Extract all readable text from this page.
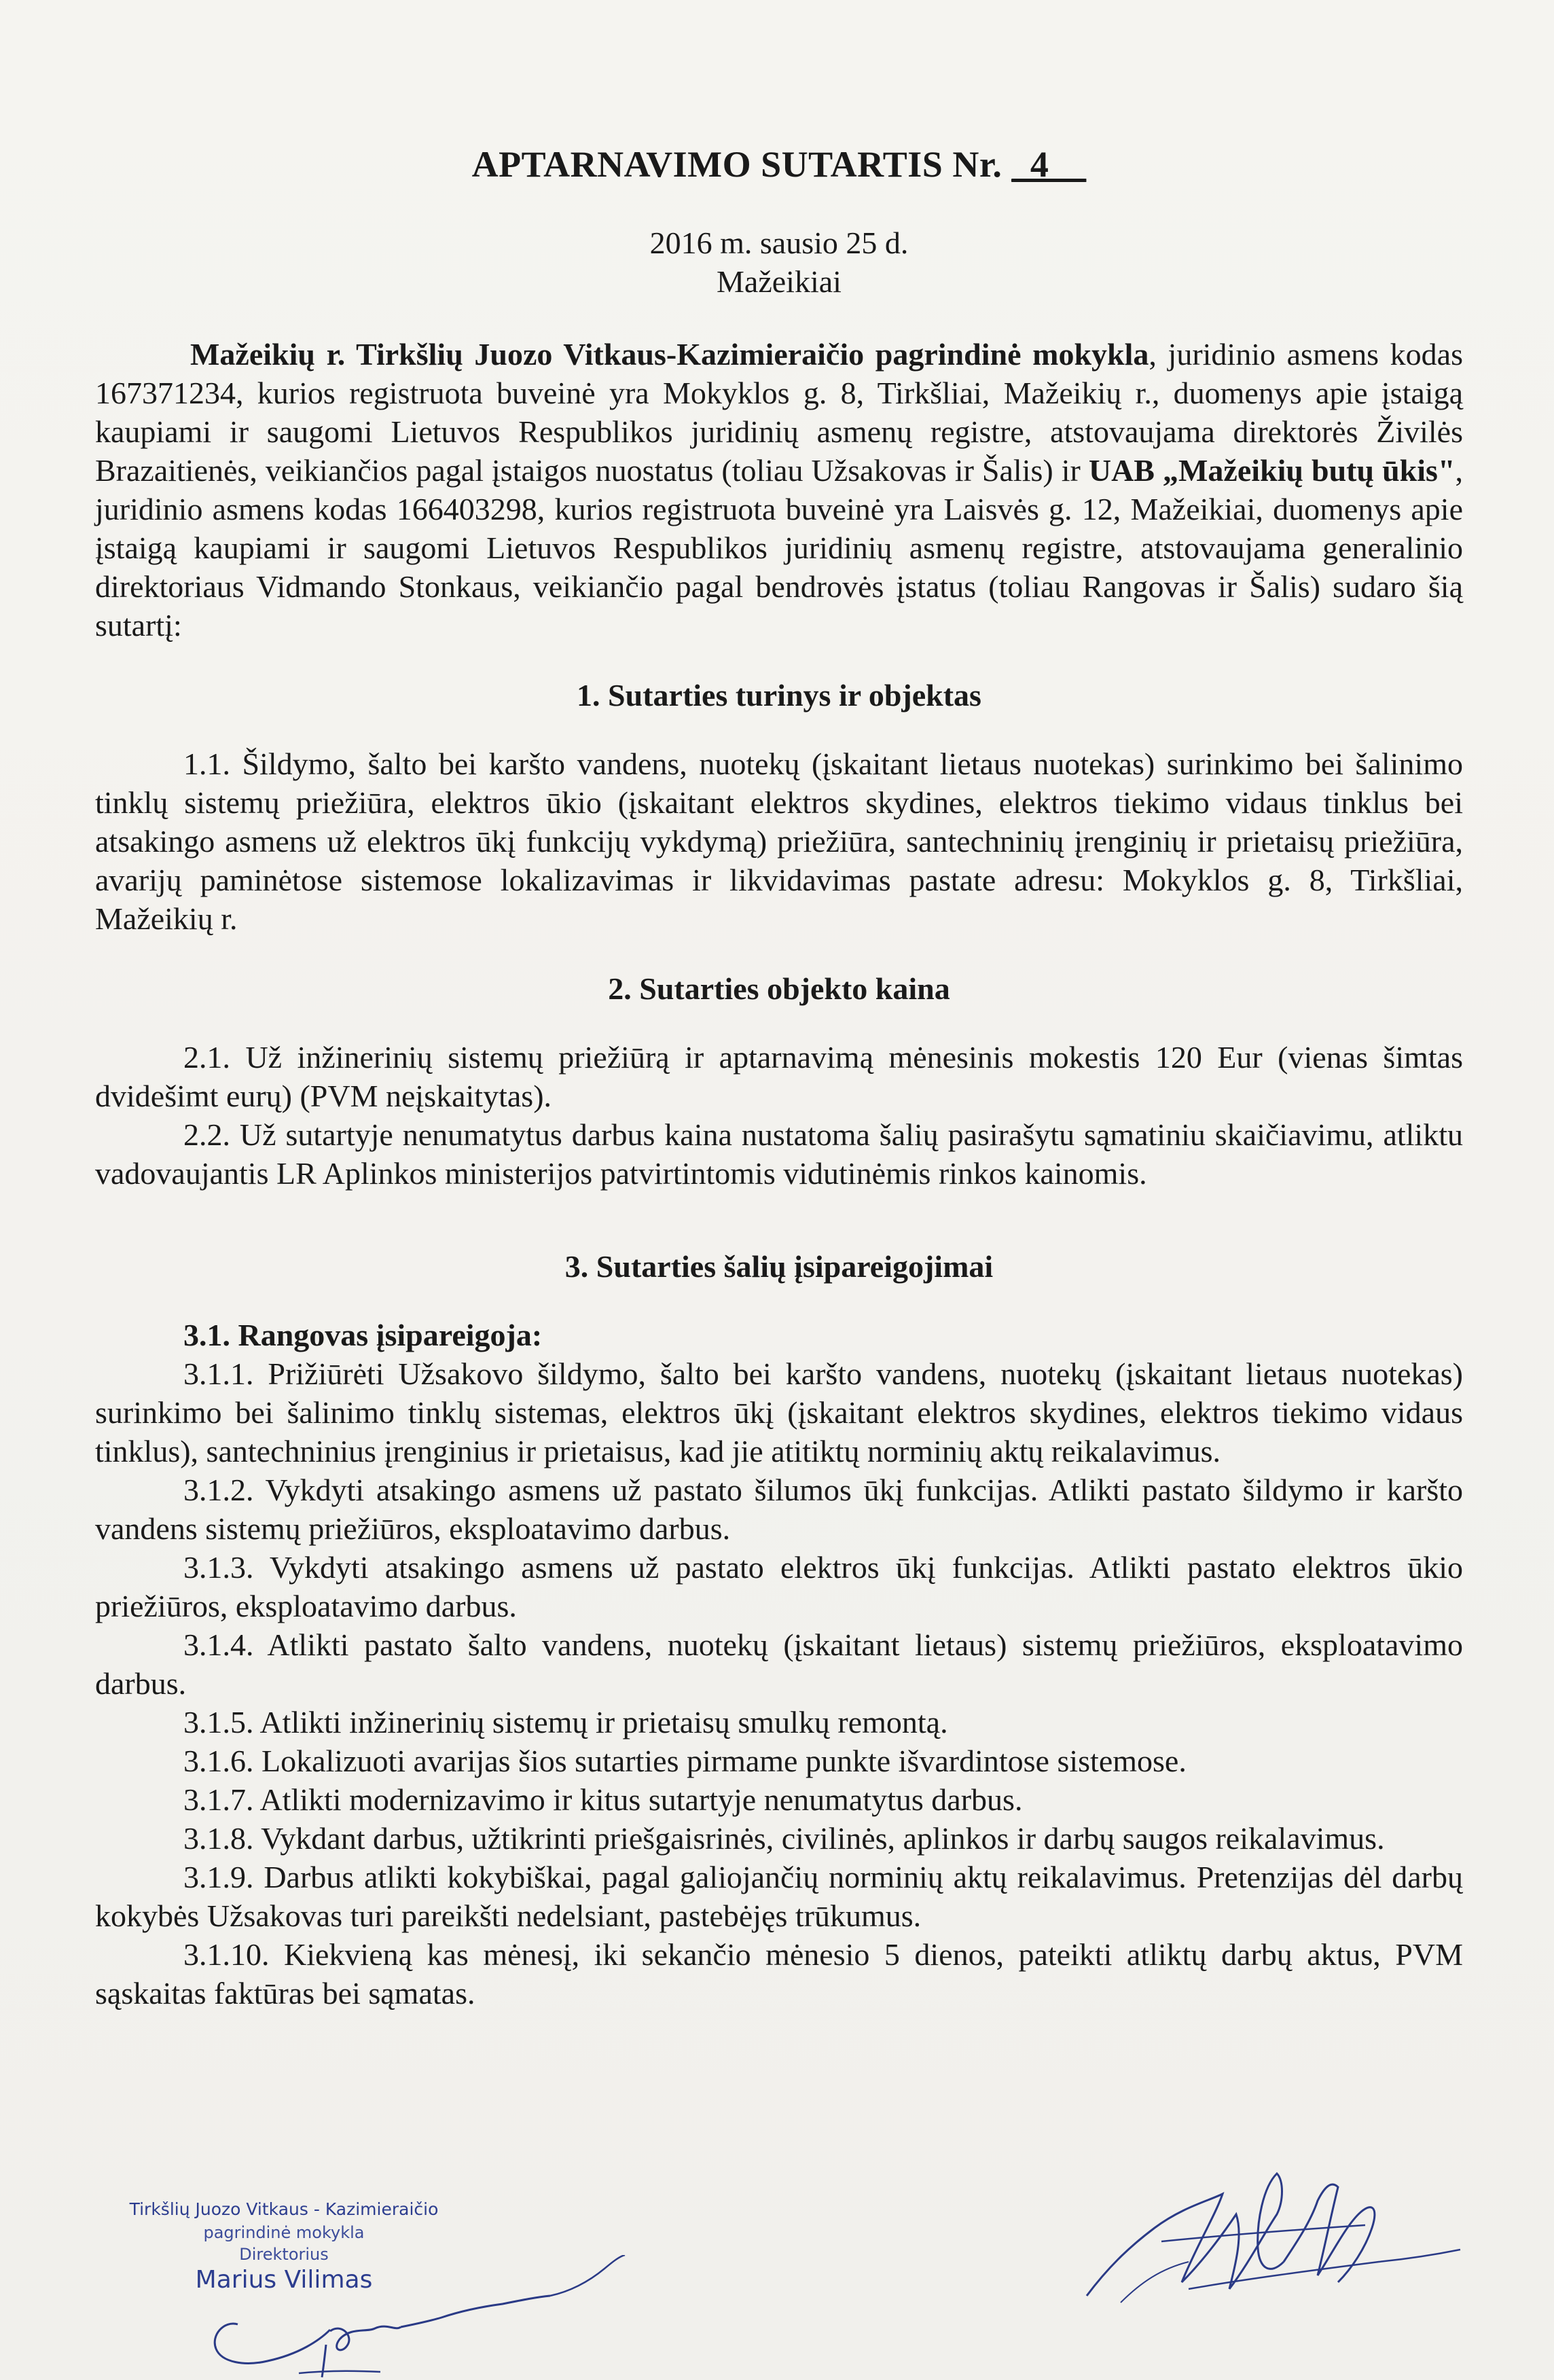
APTARNAVIMO SUTARTIS Nr. _4__
2016 m. sausio 25 d.
Mažeikiai

Mažeikių r. Tirkšlių Juozo Vitkaus-Kazimieraičio pagrindinė mokykla, juridinio asmens kodas 167371234, kurios registruota buveinė yra Mokyklos g. 8, Tirkšliai, Mažeikių r., duomenys apie įstaigą kaupiami ir saugomi Lietuvos Respublikos juridinių asmenų registre, atstovaujama direktorės Živilės Brazaitienės, veikiančios pagal įstaigos nuostatus (toliau Užsakovas ir Šalis) ir UAB „Mažeikių butų ūkis", juridinio asmens kodas 166403298, kurios registruota buveinė yra Laisvės g. 12, Mažeikiai, duomenys apie įstaigą kaupiami ir saugomi Lietuvos Respublikos juridinių asmenų registre, atstovaujama generalinio direktoriaus Vidmando Stonkaus, veikiančio pagal bendrovės įstatus (toliau Rangovas ir Šalis) sudaro šią sutartį:

1. Sutarties turinys ir objektas

1.1. Šildymo, šalto bei karšto vandens, nuotekų (įskaitant lietaus nuotekas) surinkimo bei šalinimo tinklų sistemų priežiūra, elektros ūkio (įskaitant elektros skydines, elektros tiekimo vidaus tinklus bei atsakingo asmens už elektros ūkį funkcijų vykdymą) priežiūra, santechninių įrenginių ir prietaisų priežiūra, avarijų paminėtose sistemose lokalizavimas ir likvidavimas pastate adresu: Mokyklos g. 8, Tirkšliai, Mažeikių r.

2. Sutarties objekto kaina

2.1. Už inžinerinių sistemų priežiūrą ir aptarnavimą mėnesinis mokestis 120 Eur (vienas šimtas dvidešimt eurų) (PVM neįskaitytas).

2.2. Už sutartyje nenumatytus darbus kaina nustatoma šalių pasirašytu sąmatiniu skaičiavimu, atliktu vadovaujantis LR Aplinkos ministerijos patvirtintomis vidutinėmis rinkos kainomis.

3. Sutarties šalių įsipareigojimai

3.1. Rangovas įsipareigoja:

3.1.1. Prižiūrėti Užsakovo šildymo, šalto bei karšto vandens, nuotekų (įskaitant lietaus nuotekas) surinkimo bei šalinimo tinklų sistemas, elektros ūkį (įskaitant elektros skydines, elektros tiekimo vidaus tinklus), santechninius įrenginius ir prietaisus, kad jie atitiktų norminių aktų reikalavimus.

3.1.2. Vykdyti atsakingo asmens už pastato šilumos ūkį funkcijas. Atlikti pastato šildymo ir karšto vandens sistemų priežiūros, eksploatavimo darbus.

3.1.3. Vykdyti atsakingo asmens už pastato elektros ūkį funkcijas. Atlikti pastato elektros ūkio priežiūros, eksploatavimo darbus.

3.1.4. Atlikti pastato šalto vandens, nuotekų (įskaitant lietaus) sistemų priežiūros, eksploatavimo darbus.

3.1.5. Atlikti inžinerinių sistemų ir prietaisų smulkų remontą.

3.1.6. Lokalizuoti avarijas šios sutarties pirmame punkte išvardintose sistemose.

3.1.7. Atlikti modernizavimo ir kitus sutartyje nenumatytus darbus.

3.1.8. Vykdant darbus, užtikrinti priešgaisrinės, civilinės, aplinkos ir darbų saugos reikalavimus.

3.1.9. Darbus atlikti kokybiškai, pagal galiojančių norminių aktų reikalavimus. Pretenzijas dėl darbų kokybės Užsakovas turi pareikšti nedelsiant, pastebėjęs trūkumus.

3.1.10. Kiekvieną kas mėnesį, iki sekančio mėnesio 5 dienos, pateikti atliktų darbų aktus, PVM sąskaitas faktūras bei sąmatas.

Tirkšlių Juozo Vitkaus - Kazimieraičio
pagrindinė mokykla
Direktorius
Marius Vilimas
